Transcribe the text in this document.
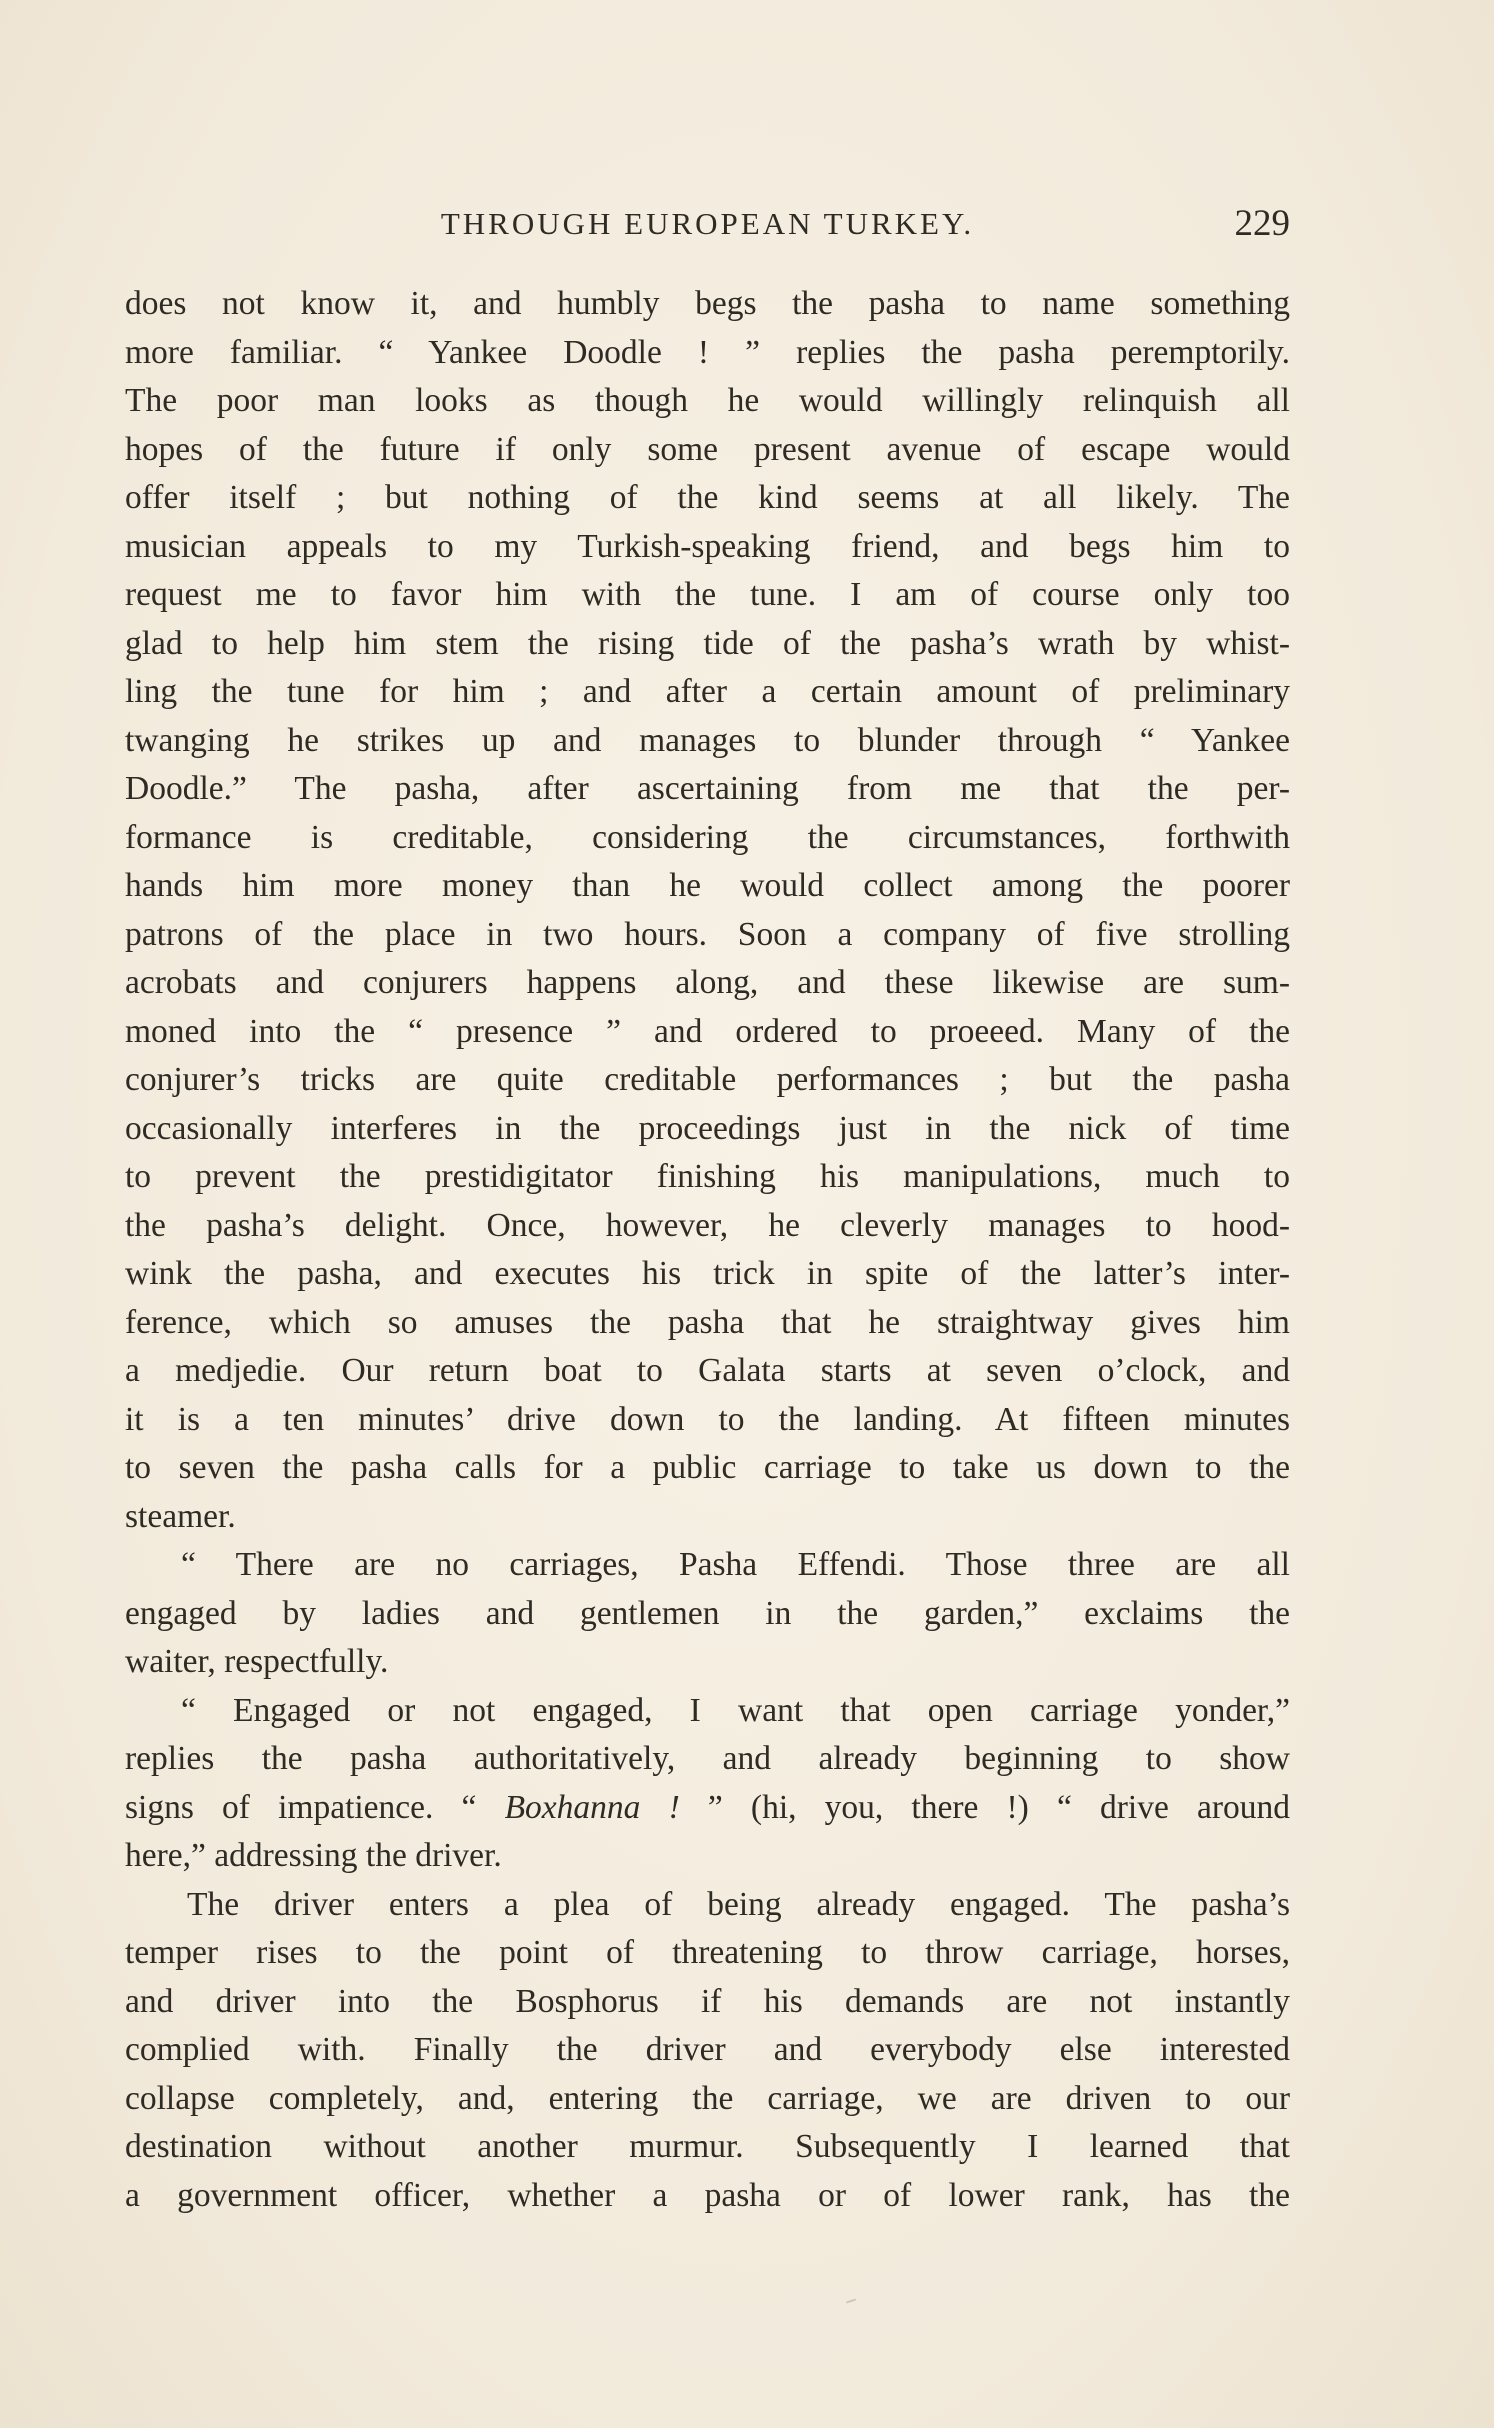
THROUGH EUROPEAN TURKEY.	229
does not know it, and humbly begs the pasha to name something
more familiar. “ Yankee Doodle ! ” replies the pasha peremptorily.
The poor man looks as though he would willingly relinquish all
hopes of the future if only some present avenue of escape would
offer itself ; but nothing of the kind seems at all likely. The
musician appeals to my Turkish-speaking friend, and begs him to
request me to favor him with the tune. I am of course only too
glad to help him stem the rising tide of the pasha’s wrath by whist-
ling the tune for him ; and after a certain amount of preliminary
twanging he strikes up and manages to blunder through “ Yankee
Doodle.” The pasha, after ascertaining from me that the per-
formance is creditable, considering the circumstances, forthwith
hands him more money than he would collect among the poorer
patrons of the place in two hours. Soon a company of five strolling
acrobats and conjurers happens along, and these likewise are sum-
moned into the “ presence ” and ordered to proeeed. Many of the
conjurer’s tricks are quite creditable performances ; but the pasha
occasionally interferes in the proceedings just in the nick of time
to prevent the prestidigitator finishing his manipulations, much to
the pasha’s delight. Once, however, he cleverly manages to hood-
wink the pasha, and executes his trick in spite of the latter’s inter-
ference, which so amuses the pasha that he straightway gives him
a medjedie. Our return boat to Galata starts at seven o’clock, and
it is a ten minutes’ drive down to the landing. At fifteen minutes
to seven the pasha calls for a public carriage to take us down to the
steamer.
“ There are no carriages, Pasha Effendi. Those three are all
engaged by ladies and gentlemen in the garden,” exclaims the
waiter, respectfully.
“ Engaged or not engaged, I want that open carriage yonder,”
replies the pasha authoritatively, and already beginning to show
signs of impatience. “ Boxhanna ! ” (hi, you, there !) “ drive around
here,” addressing the driver.
The driver enters a plea of being already engaged. The pasha’s
temper rises to the point of threatening to throw carriage, horses,
and driver into the Bosphorus if his demands are not instantly
complied with. Finally the driver and everybody else interested
collapse completely, and, entering the carriage, we are driven to our
destination without another murmur. Subsequently I learned that
a government officer, whether a pasha or of lower rank, has the
